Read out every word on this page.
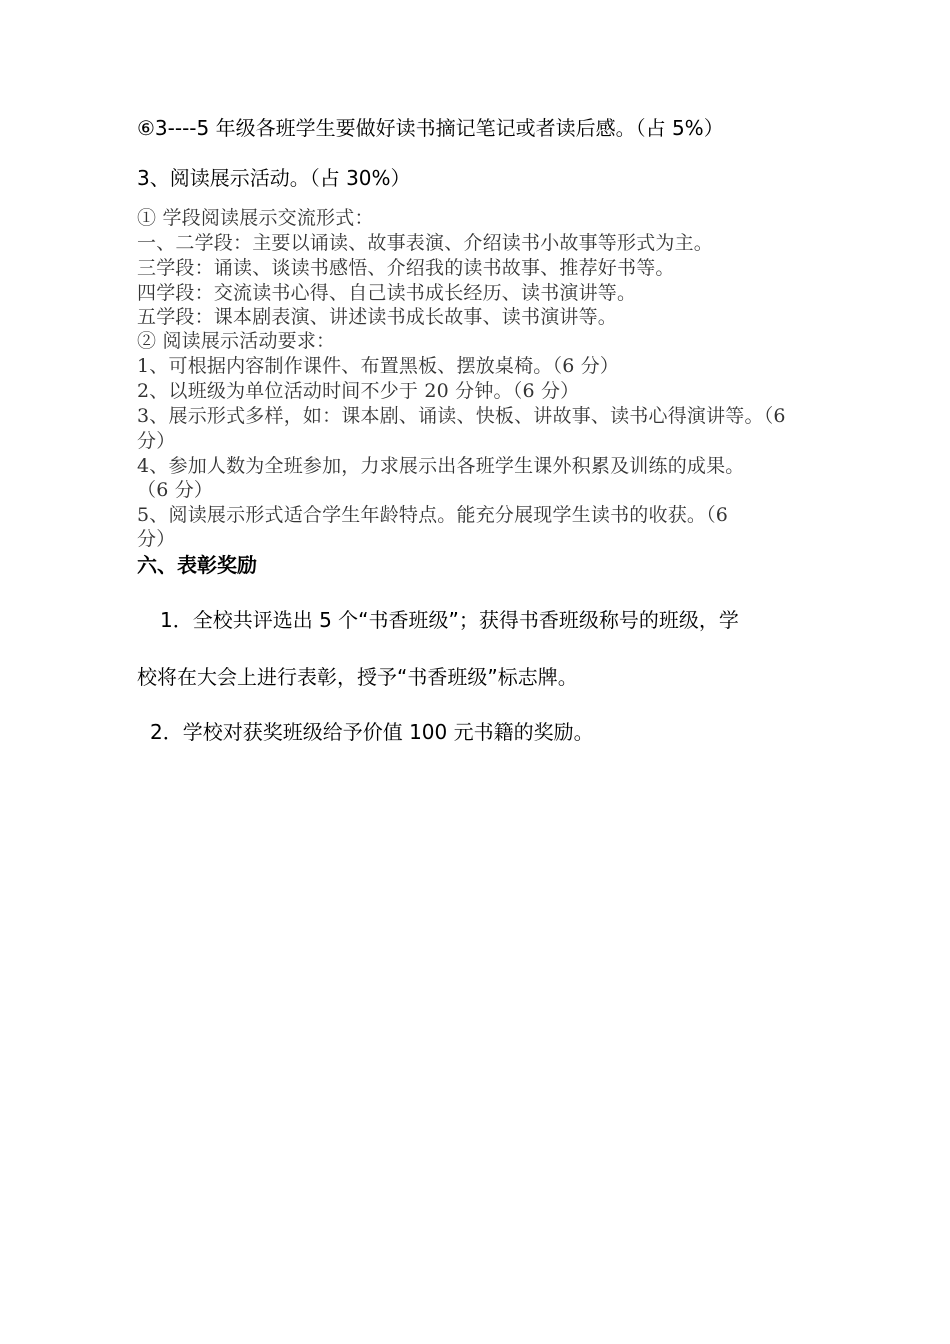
⑥3----5 年级各班学生要做好读书摘记笔记或者读后感。（占 5%）
3、阅读展示活动。（占 30%）
① 学段阅读展示交流形式：
一、二学段：主要以诵读、故事表演、介绍读书小故事等形式为主。
三学段：诵读、谈读书感悟、介绍我的读书故事、推荐好书等。
四学段：交流读书心得、自己读书成长经历、读书演讲等。
五学段：课本剧表演、讲述读书成长故事、读书演讲等。
② 阅读展示活动要求：
1、可根据内容制作课件、布置黑板、摆放桌椅。（6 分）
2、以班级为单位活动时间不少于 20 分钟。（6 分）
3、展示形式多样，如：课本剧、诵读、快板、讲故事、读书心得演讲等。（6
分）
4、参加人数为全班参加，力求展示出各班学生课外积累及训练的成果。
（6 分）
5、阅读展示形式适合学生年龄特点。能充分展现学生读书的收获。（6
分）
六、表彰奖励
1．全校共评选出 5 个“书香班级”；获得书香班级称号的班级，学
校将在大会上进行表彰，授予“书香班级”标志牌。
2．学校对获奖班级给予价值 100 元书籍的奖励。
